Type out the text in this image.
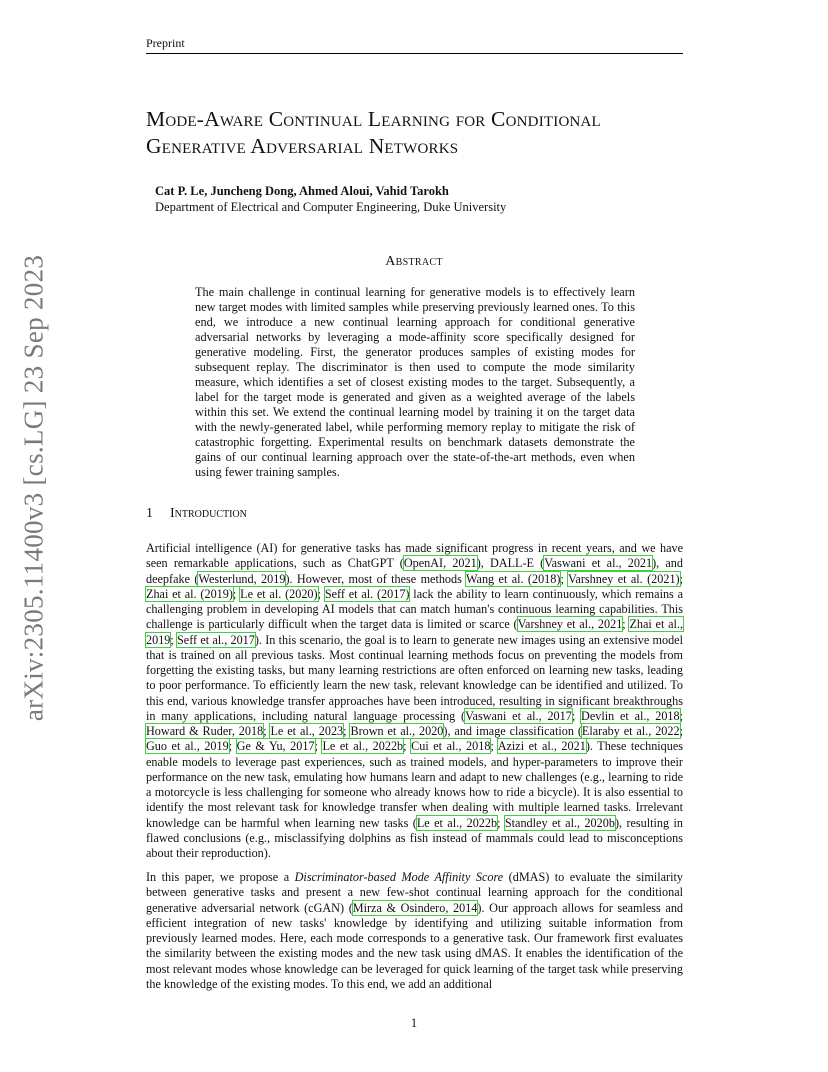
Preprint
Mode-Aware Continual Learning for Conditional Generative Adversarial Networks
Cat P. Le, Juncheng Dong, Ahmed Aloui, Vahid Tarokh
Department of Electrical and Computer Engineering, Duke University
Abstract
The main challenge in continual learning for generative models is to effectively learn new target modes with limited samples while preserving previously learned ones. To this end, we introduce a new continual learning approach for conditional generative adversarial networks by leveraging a mode-affinity score specifically designed for generative modeling. First, the generator produces samples of existing modes for subsequent replay. The discriminator is then used to compute the mode similarity measure, which identifies a set of closest existing modes to the target. Subsequently, a label for the target mode is generated and given as a weighted average of the labels within this set. We extend the continual learning model by training it on the target data with the newly-generated label, while performing memory replay to mitigate the risk of catastrophic forgetting. Experimental results on benchmark datasets demonstrate the gains of our continual learning approach over the state-of-the-art methods, even when using fewer training samples.
1 Introduction
Artificial intelligence (AI) for generative tasks has made significant progress in recent years, and we have seen remarkable applications, such as ChatGPT (OpenAI, 2021), DALL-E (Vaswani et al., 2021), and deepfake (Westerlund, 2019). However, most of these methods Wang et al. (2018); Varshney et al. (2021); Zhai et al. (2019); Le et al. (2020); Seff et al. (2017) lack the ability to learn continuously, which remains a challenging problem in developing AI models that can match human's continuous learning capabilities. This challenge is particularly difficult when the target data is limited or scarce (Varshney et al., 2021; Zhai et al., 2019; Seff et al., 2017). In this scenario, the goal is to learn to generate new images using an extensive model that is trained on all previous tasks. Most continual learning methods focus on preventing the models from forgetting the existing tasks, but many learning restrictions are often enforced on learning new tasks, leading to poor performance. To efficiently learn the new task, relevant knowledge can be identified and utilized. To this end, various knowledge transfer approaches have been introduced, resulting in significant breakthroughs in many applications, including natural language processing (Vaswani et al., 2017; Devlin et al., 2018; Howard & Ruder, 2018; Le et al., 2023; Brown et al., 2020), and image classification (Elaraby et al., 2022; Guo et al., 2019; Ge & Yu, 2017; Le et al., 2022b; Cui et al., 2018; Azizi et al., 2021). These techniques enable models to leverage past experiences, such as trained models, and hyper-parameters to improve their performance on the new task, emulating how humans learn and adapt to new challenges (e.g., learning to ride a motorcycle is less challenging for someone who already knows how to ride a bicycle). It is also essential to identify the most relevant task for knowledge transfer when dealing with multiple learned tasks. Irrelevant knowledge can be harmful when learning new tasks (Le et al., 2022b; Standley et al., 2020b), resulting in flawed conclusions (e.g., misclassifying dolphins as fish instead of mammals could lead to misconceptions about their reproduction).
In this paper, we propose a Discriminator-based Mode Affinity Score (dMAS) to evaluate the similarity between generative tasks and present a new few-shot continual learning approach for the conditional generative adversarial network (cGAN) (Mirza & Osindero, 2014). Our approach allows for seamless and efficient integration of new tasks' knowledge by identifying and utilizing suitable information from previously learned modes. Here, each mode corresponds to a generative task. Our framework first evaluates the similarity between the existing modes and the new task using dMAS. It enables the identification of the most relevant modes whose knowledge can be leveraged for quick learning of the target task while preserving the knowledge of the existing modes. To this end, we add an additional
1
arXiv:2305.11400v3 [cs.LG] 23 Sep 2023
